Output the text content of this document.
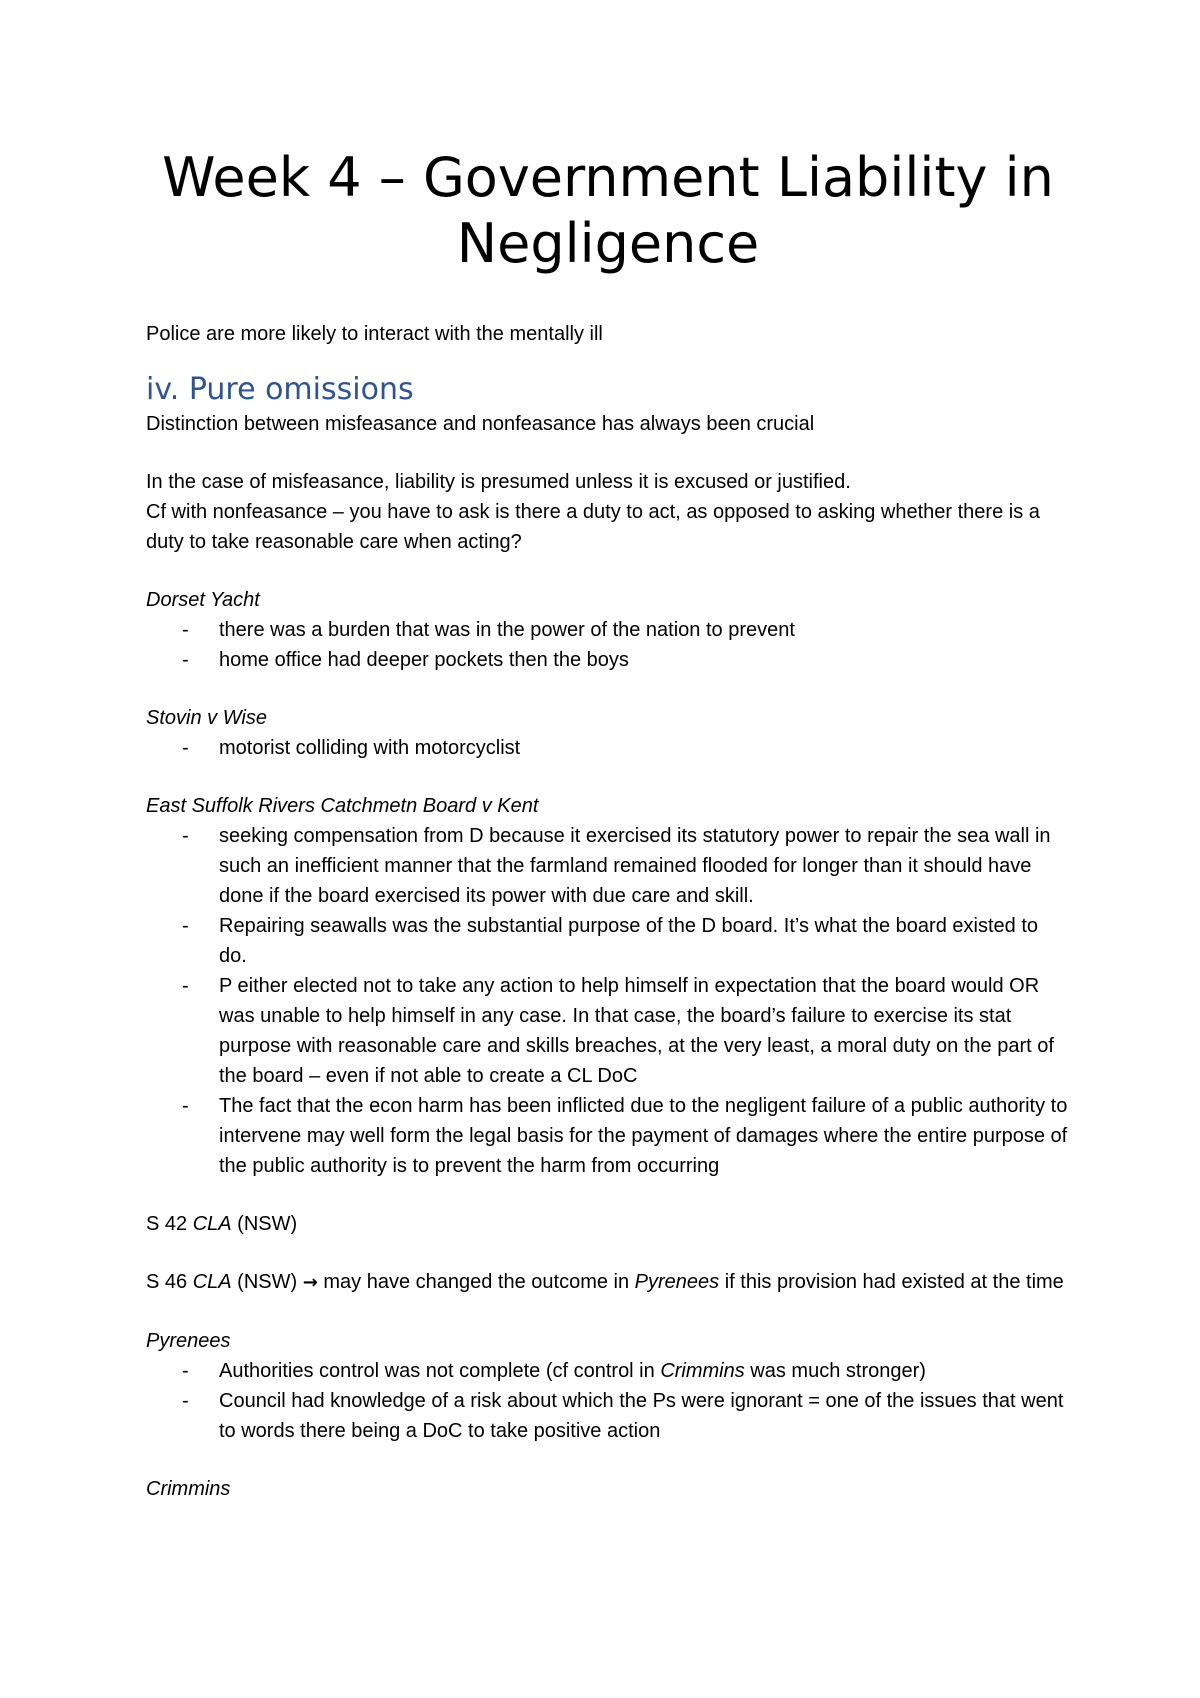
Week 4 – Government Liability in Negligence

Police are more likely to interact with the mentally ill

iv. Pure omissions

Distinction between misfeasance and nonfeasance has always been crucial

In the case of misfeasance, liability is presumed unless it is excused or justified.

Cf with nonfeasance – you have to ask is there a duty to act, as opposed to asking whether there is a duty to take reasonable care when acting?

Dorset Yacht

- there was a burden that was in the power of the nation to prevent
- home office had deeper pockets then the boys

Stovin v Wise

- motorist colliding with motorcyclist

East Suffolk Rivers Catchmetn Board v Kent

- seeking compensation from D because it exercised its statutory power to repair the sea wall in such an inefficient manner that the farmland remained flooded for longer than it should have done if the board exercised its power with due care and skill.
- Repairing seawalls was the substantial purpose of the D board. It’s what the board existed to do.
- P either elected not to take any action to help himself in expectation that the board would OR was unable to help himself in any case. In that case, the board’s failure to exercise its stat purpose with reasonable care and skills breaches, at the very least, a moral duty on the part of the board – even if not able to create a CL DoC
- The fact that the econ harm has been inflicted due to the negligent failure of a public authority to intervene may well form the legal basis for the payment of damages where the entire purpose of the public authority is to prevent the harm from occurring

S 42 CLA (NSW)

S 46 CLA (NSW) → may have changed the outcome in Pyrenees if this provision had existed at the time

Pyrenees

- Authorities control was not complete (cf control in Crimmins was much stronger)
- Council had knowledge of a risk about which the Ps were ignorant = one of the issues that went to words there being a DoC to take positive action

Crimmins
